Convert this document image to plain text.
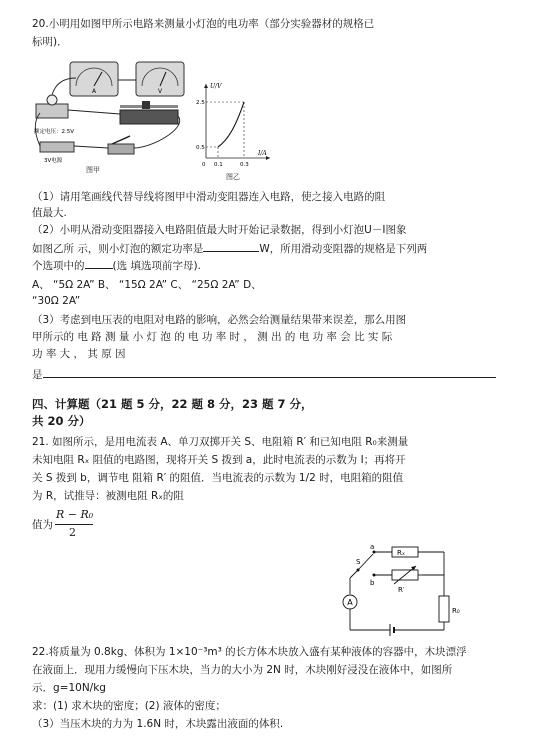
20.小明用如图甲所示电路来测量小灯泡的电功率（部分实验器材的规格已
标明)．
A	V
额定电压：2.5V
3V电源
图甲
U/V
I/A
2.5
0.5
0 0.1	0.3
图乙
（1）请用笔画线代替导线将图甲中滑动变阻器连入电路，使之接入电路的阻
值最大.
（2）小明从滑动变阻器接入电路阻值最大时开始记录数据，得到小灯泡U－I图象
如图乙所 示，则小灯泡的额定功率是	W，所用滑动变阻器的规格是下列两
个选项中的	(选 填选项前字母).
A、 “5Ω 2A” B、 “15Ω 2A” C、 “25Ω 2A” D、
“30Ω 2A”
（3）考虑到电压表的电阻对电路的影响，必然会给测量结果带来误差，那么用图
甲所示的 电 路 测 量 小 灯 泡 的 电 功 率 时 ， 测 出 的 电 功 率 会 比 实 际
功 率 大 ， 其 原 因
是
四、计算题（21 题 5 分，22 题 8 分，23 题 7 分，
共 20 分）
21. 如图所示，是用电流表 A、单刀双掷开关 S、电阻箱 R′ 和已知电阻 R₀来测量
未知电阻 Rₓ 阻值的电路图，现将开关 S 拨到 a，此时电流表的示数为 I；再将开
关 S 拨到 b，调节电 阻箱 R′ 的阻值．当电流表的示数为 1/2 时，电阻箱的阻值
为 R，试推导：被测电阻 Rₓ的阻
值为
R − R₀
2
A
a
b
S
Rₓ
R′
R₀
22.将质量为 0.8kg、体积为 1×10⁻³m³ 的长方体木块放入盛有某种液体的容器中，木块漂浮
在液面上．现用力缓慢向下压木块，当力的大小为 2N 时，木块刚好浸没在液体中，如图所
示．g=10N/kg
求：(1) 求木块的密度；(2) 液体的密度；
（3）当压木块的力为 1.6N 时，木块露出液面的体积.
